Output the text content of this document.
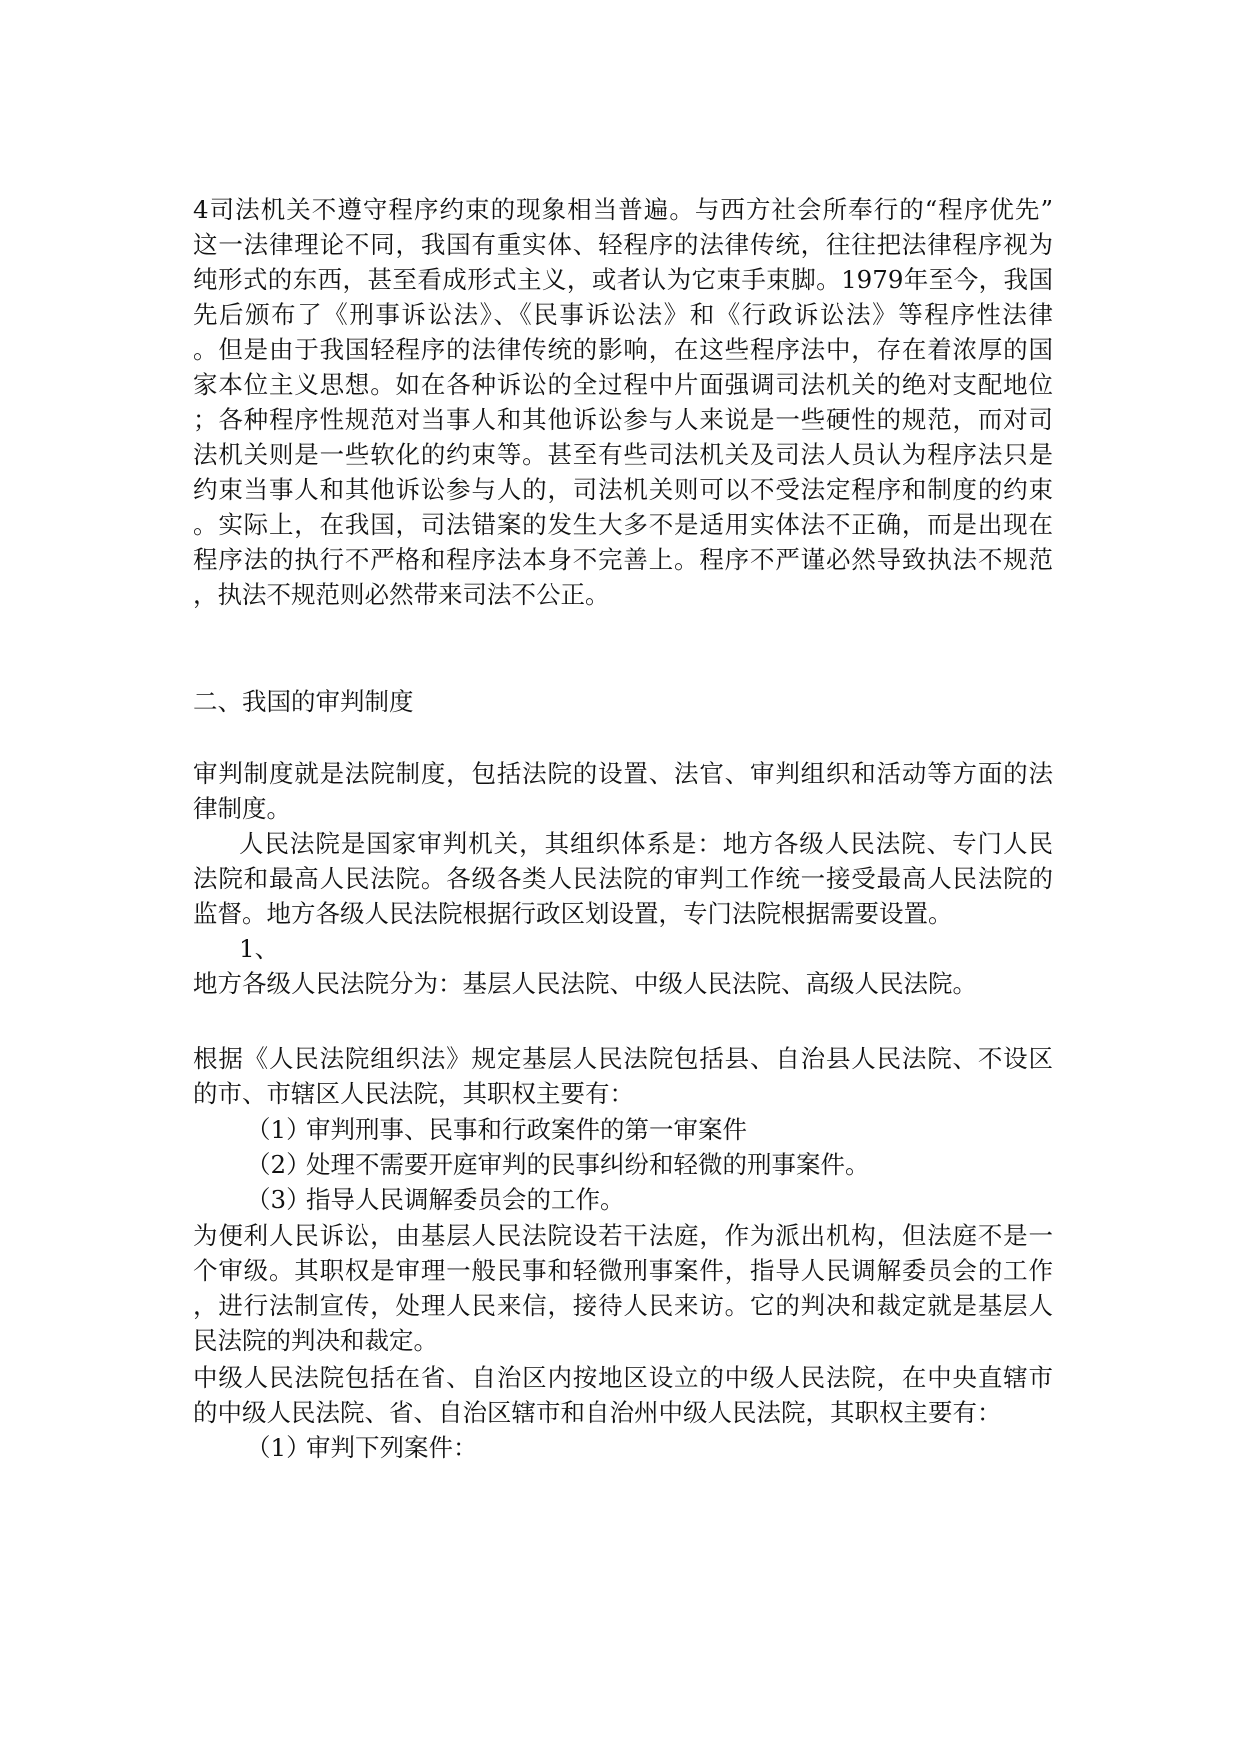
4司法机关不遵守程序约束的现象相当普遍。与西方社会所奉行的“程序优先”
这一法律理论不同，我国有重实体、轻程序的法律传统，往往把法律程序视为
纯形式的东西，甚至看成形式主义，或者认为它束手束脚。1979年至今，我国
先后颁布了《刑事诉讼法》、《民事诉讼法》和《行政诉讼法》等程序性法律
。但是由于我国轻程序的法律传统的影响，在这些程序法中，存在着浓厚的国
家本位主义思想。如在各种诉讼的全过程中片面强调司法机关的绝对支配地位
；各种程序性规范对当事人和其他诉讼参与人来说是一些硬性的规范，而对司
法机关则是一些软化的约束等。甚至有些司法机关及司法人员认为程序法只是
约束当事人和其他诉讼参与人的，司法机关则可以不受法定程序和制度的约束
。实际上，在我国，司法错案的发生大多不是适用实体法不正确，而是出现在
程序法的执行不严格和程序法本身不完善上。程序不严谨必然导致执法不规范
，执法不规范则必然带来司法不公正。
二、我国的审判制度
审判制度就是法院制度，包括法院的设置、法官、审判组织和活动等方面的法
律制度。
人民法院是国家审判机关，其组织体系是：地方各级人民法院、专门人民
法院和最高人民法院。各级各类人民法院的审判工作统一接受最高人民法院的
监督。地方各级人民法院根据行政区划设置，专门法院根据需要设置。
1、
地方各级人民法院分为：基层人民法院、中级人民法院、高级人民法院。
根据《人民法院组织法》规定基层人民法院包括县、自治县人民法院、不设区
的市、市辖区人民法院，其职权主要有：
（1）
审判刑事、民事和行政案件的第一审案件
（2）
处理不需要开庭审判的民事纠纷和轻微的刑事案件。
（3）
指导人民调解委员会的工作。
为便利人民诉讼，由基层人民法院设若干法庭，作为派出机构，但法庭不是一
个审级。其职权是审理一般民事和轻微刑事案件，指导人民调解委员会的工作
，进行法制宣传，处理人民来信，接待人民来访。它的判决和裁定就是基层人
民法院的判决和裁定。
中级人民法院包括在省、自治区内按地区设立的中级人民法院，在中央直辖市
的中级人民法院、省、自治区辖市和自治州中级人民法院，其职权主要有：
（1）
审判下列案件：
